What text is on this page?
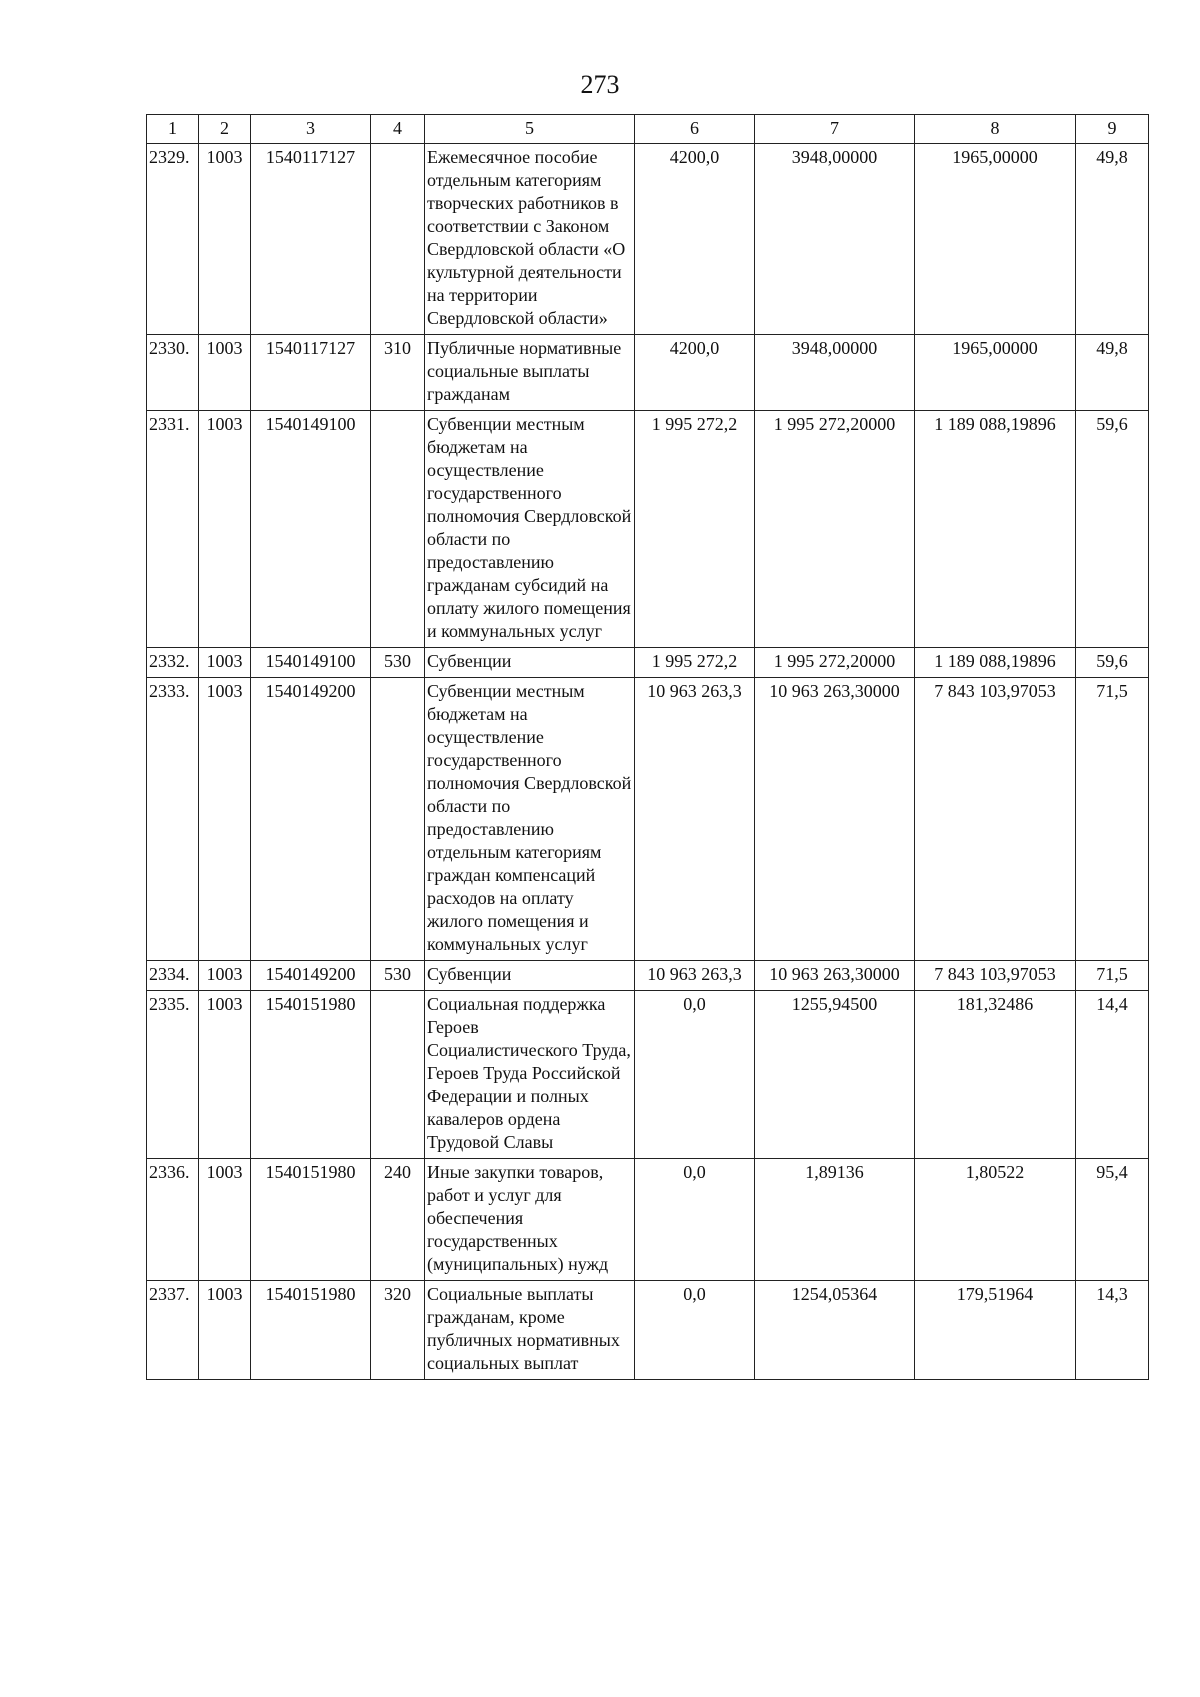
273
1	2	3	4	5	6	7	8	9
2329.	1003	1540117127		Ежемесячное пособие отдельным категориям творческих работников в соответствии с Законом Свердловской области «О культурной деятельности на территории Свердловской области»	4200,0	3948,00000	1965,00000	49,8
2330.	1003	1540117127	310	Публичные нормативные социальные выплаты гражданам	4200,0	3948,00000	1965,00000	49,8
2331.	1003	1540149100		Субвенции местным бюджетам на осуществление государственного полномочия Свердловской области по предоставлению гражданам субсидий на оплату жилого помещения и коммунальных услуг	1 995 272,2	1 995 272,20000	1 189 088,19896	59,6
2332.	1003	1540149100	530	Субвенции	1 995 272,2	1 995 272,20000	1 189 088,19896	59,6
2333.	1003	1540149200		Субвенции местным бюджетам на осуществление государственного полномочия Свердловской области по предоставлению отдельным категориям граждан компенсаций расходов на оплату жилого помещения и коммунальных услуг	10 963 263,3	10 963 263,30000	7 843 103,97053	71,5
2334.	1003	1540149200	530	Субвенции	10 963 263,3	10 963 263,30000	7 843 103,97053	71,5
2335.	1003	1540151980		Социальная поддержка Героев Социалистического Труда, Героев Труда Российской Федерации и полных кавалеров ордена Трудовой Славы	0,0	1255,94500	181,32486	14,4
2336.	1003	1540151980	240	Иные закупки товаров, работ и услуг для обеспечения государственных (муниципальных) нужд	0,0	1,89136	1,80522	95,4
2337.	1003	1540151980	320	Социальные выплаты гражданам, кроме публичных нормативных социальных выплат	0,0	1254,05364	179,51964	14,3
